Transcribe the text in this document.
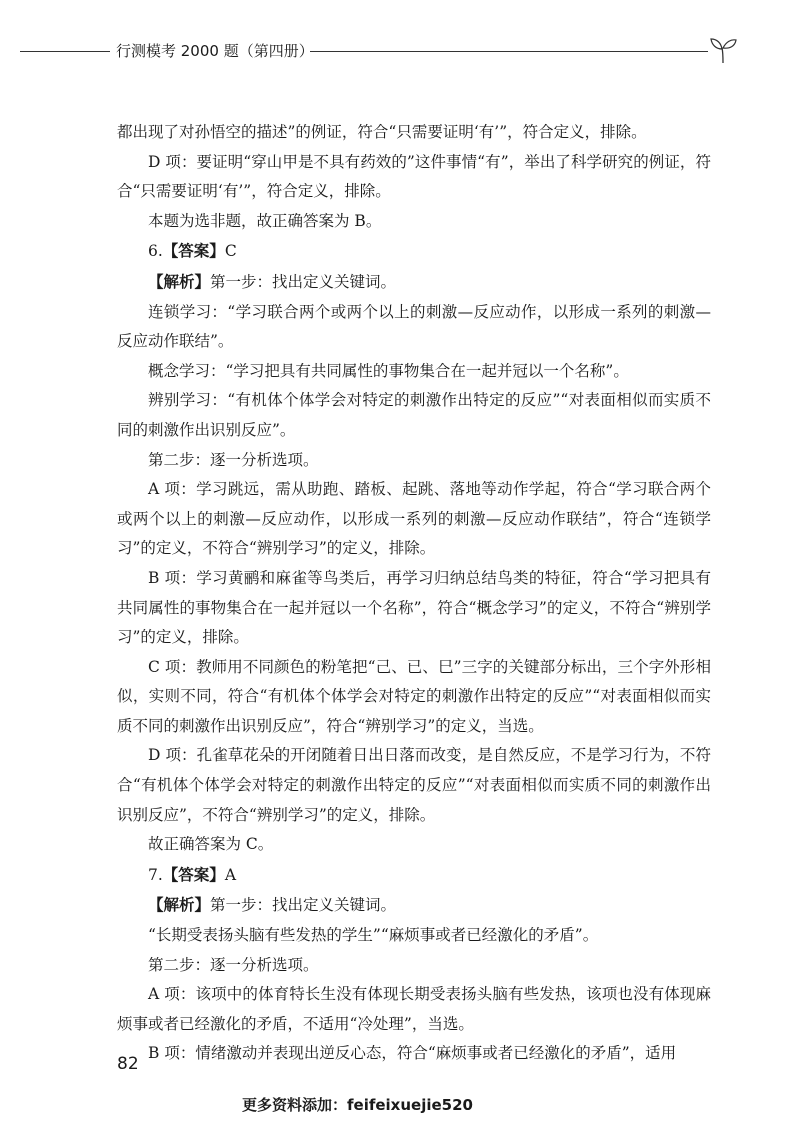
行测模考 2000 题（第四册）

都出现了对孙悟空的描述”的例证，符合“只需要证明‘有’”，符合定义，排除。

D 项：要证明“穿山甲是不具有药效的”这件事情“有”，举出了科学研究的例证，符合“只需要证明‘有’”，符合定义，排除。

本题为选非题，故正确答案为 B。

6.【答案】C

【解析】第一步：找出定义关键词。

连锁学习：“学习联合两个或两个以上的刺激—反应动作，以形成一系列的刺激—反应动作联结”。

概念学习：“学习把具有共同属性的事物集合在一起并冠以一个名称”。

辨别学习：“有机体个体学会对特定的刺激作出特定的反应”“对表面相似而实质不同的刺激作出识别反应”。

第二步：逐一分析选项。

A 项：学习跳远，需从助跑、踏板、起跳、落地等动作学起，符合“学习联合两个或两个以上的刺激—反应动作，以形成一系列的刺激—反应动作联结”，符合“连锁学习”的定义，不符合“辨别学习”的定义，排除。

B 项：学习黄鹂和麻雀等鸟类后，再学习归纳总结鸟类的特征，符合“学习把具有共同属性的事物集合在一起并冠以一个名称”，符合“概念学习”的定义，不符合“辨别学习”的定义，排除。

C 项：教师用不同颜色的粉笔把“己、已、巳”三字的关键部分标出，三个字外形相似，实则不同，符合“有机体个体学会对特定的刺激作出特定的反应”“对表面相似而实质不同的刺激作出识别反应”，符合“辨别学习”的定义，当选。

D 项：孔雀草花朵的开闭随着日出日落而改变，是自然反应，不是学习行为，不符合“有机体个体学会对特定的刺激作出特定的反应”“对表面相似而实质不同的刺激作出识别反应”，不符合“辨别学习”的定义，排除。

故正确答案为 C。

7.【答案】A

【解析】第一步：找出定义关键词。

“长期受表扬头脑有些发热的学生”“麻烦事或者已经激化的矛盾”。

第二步：逐一分析选项。

A 项：该项中的体育特长生没有体现长期受表扬头脑有些发热，该项也没有体现麻烦事或者已经激化的矛盾，不适用“冷处理”，当选。

B 项：情绪激动并表现出逆反心态，符合“麻烦事或者已经激化的矛盾”，适用

82
更多资料添加：feifeixuejie520
